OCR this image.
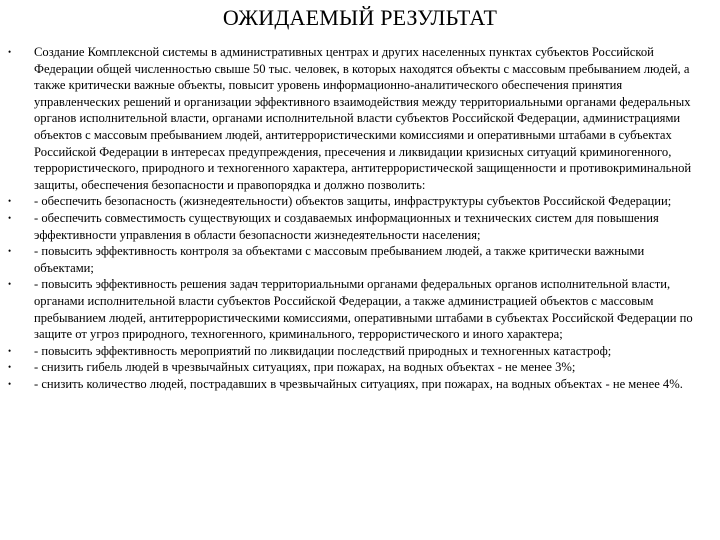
ОЖИДАЕМЫЙ РЕЗУЛЬТАТ
•	Создание Комплексной системы в административных центрах и других населенных пунктах субъектов Российской Федерации общей численностью свыше 50 тыс. человек, в которых находятся объекты с массовым пребыванием людей, а также критически важные объекты, повысит уровень информационно-аналитического обеспечения принятия управленческих решений и организации эффективного взаимодействия между территориальными органами федеральных органов исполнительной власти, органами исполнительной власти субъектов Российской Федерации, администрациями объектов с массовым пребыванием людей, антитеррористическими комиссиями и оперативными штабами в субъектах Российской Федерации в интересах предупреждения, пресечения и ликвидации кризисных ситуаций криминогенного, террористического, природного и техногенного характера, антитеррористической защищенности и противокриминальной защиты, обеспечения безопасности и правопорядка и должно позволить:
•	- обеспечить безопасность (жизнедеятельности) объектов защиты, инфраструктуры субъектов Российской Федерации;
•	- обеспечить совместимость существующих и создаваемых информационных и технических систем для повышения эффективности управления в области безопасности жизнедеятельности населения;
•	- повысить эффективность контроля за объектами с массовым пребыванием людей, а также критически важными объектами;
•	- повысить эффективность решения задач территориальными органами федеральных органов исполнительной власти, органами исполнительной власти субъектов Российской Федерации, а также администрацией объектов с массовым пребыванием людей, антитеррористическими комиссиями, оперативными штабами в субъектах Российской Федерации по защите от угроз природного, техногенного, криминального, террористического и иного характера;
•	- повысить эффективность мероприятий по ликвидации последствий природных и техногенных катастроф;
•	- снизить гибель людей в чрезвычайных ситуациях, при пожарах, на водных объектах - не менее 3%;
•	- снизить количество людей, пострадавших в чрезвычайных ситуациях, при пожарах, на водных объектах - не менее 4%.
